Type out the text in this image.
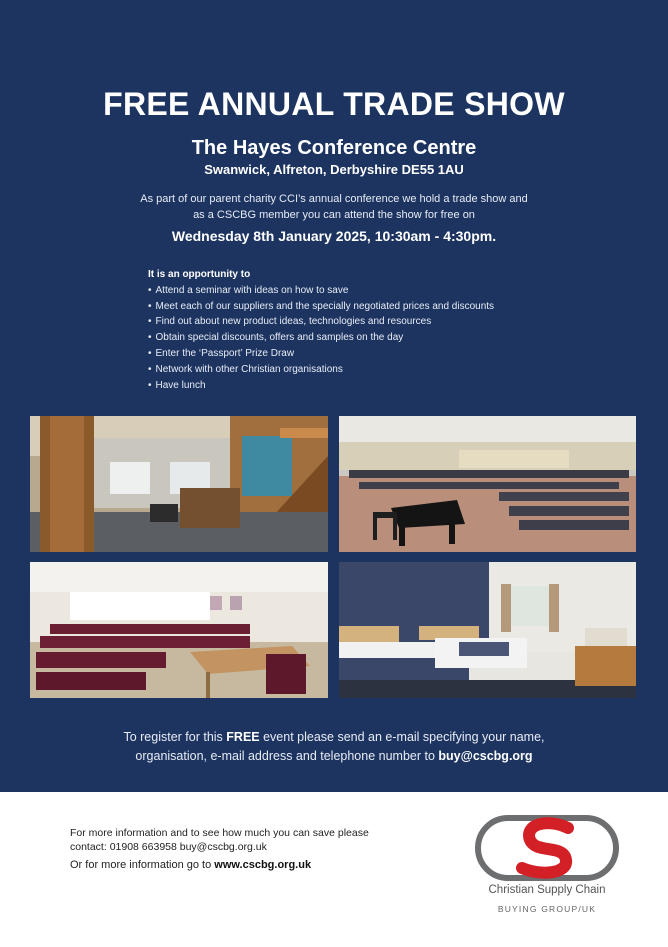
FREE ANNUAL TRADE SHOW
The Hayes Conference Centre
Swanwick, Alfreton, Derbyshire DE55 1AU
As part of our parent charity CCI’s annual conference we hold a trade show and
as a CSCBG member you can attend the show for free on
Wednesday 8th January 2025, 10:30am - 4:30pm.
It is an opportunity to
• Attend a seminar with ideas on how to save
• Meet each of our suppliers and the specially negotiated prices and discounts
• Find out about new product ideas, technologies and resources
• Obtain special discounts, offers and samples on the day
• Enter the ‘Passport’ Prize Draw
• Network with other Christian organisations
• Have lunch
To register for this FREE event please send an e-mail specifying your name,
organisation, e-mail address and telephone number to buy@cscbg.org
For more information and to see how much you can save please
contact: 01908 663958 buy@cscbg.org.uk
Or for more information go to www.cscbg.org.uk
Christian Supply Chain
BUYING GROUP/UK
